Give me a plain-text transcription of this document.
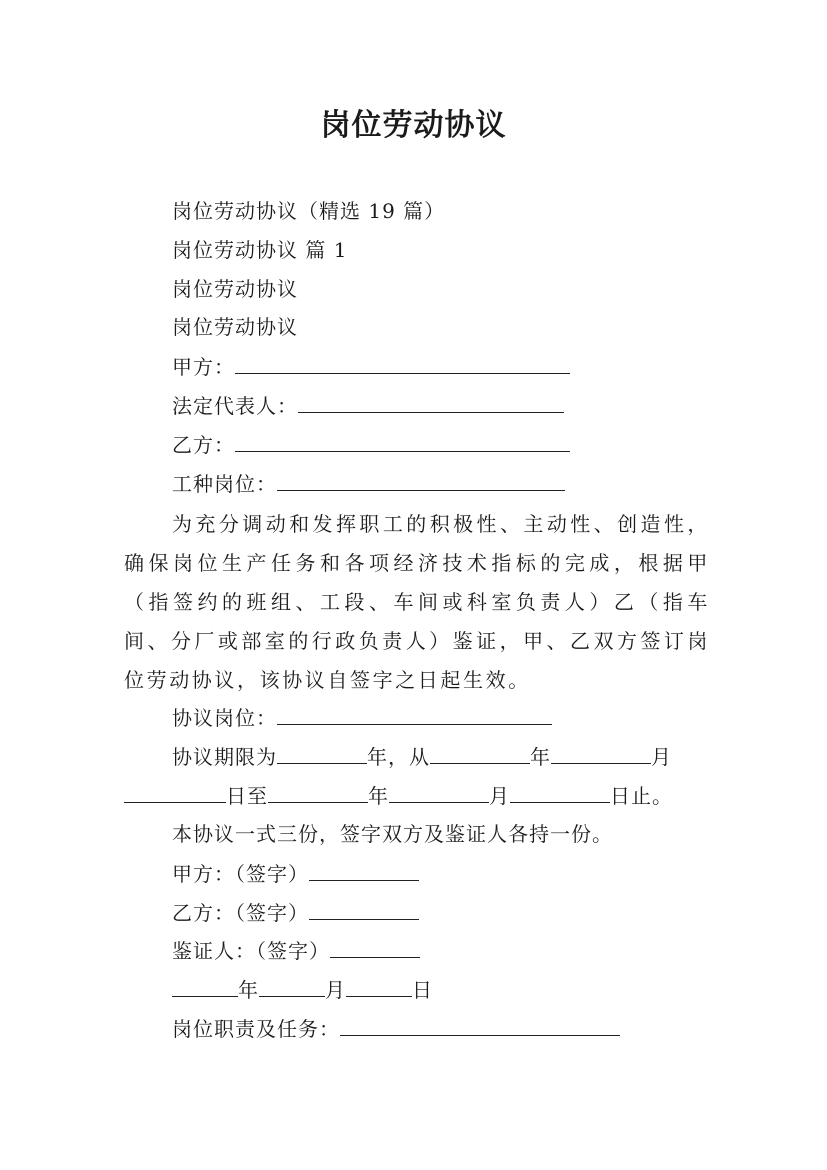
岗位劳动协议
岗位劳动协议（精选 19 篇）
岗位劳动协议 篇 1
岗位劳动协议
岗位劳动协议
甲方：
法定代表人：
乙方：
工种岗位：
为充分调动和发挥职工的积极性、主动性、创造性，确保岗位生产任务和各项经济技术指标的完成，根据甲（指签约的班组、工段、车间或科室负责人）乙（指车间、分厂或部室的行政负责人）鉴证，甲、乙双方签订岗位劳动协议，该协议自签字之日起生效。
协议岗位：
协议期限为	年，从	年	月
日至	年	月	日止。
本协议一式三份，签字双方及鉴证人各持一份。
甲方：（签字）
乙方：（签字）
鉴证人：（签字）
年	月	日
岗位职责及任务：
